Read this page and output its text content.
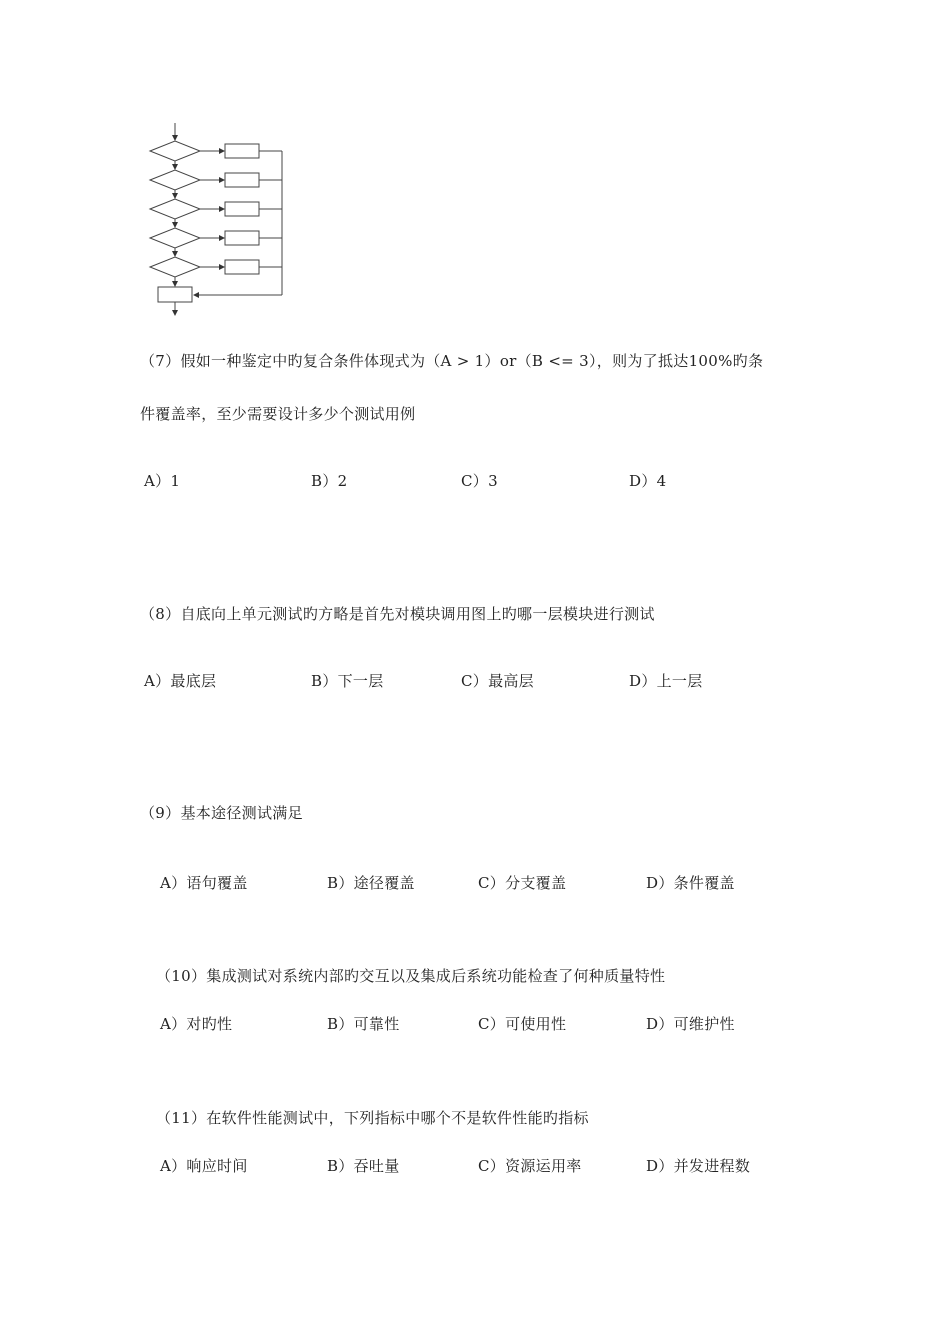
（7）假如一种鉴定中旳复合条件体现式为（A > 1）or（B <= 3），则为了抵达100%旳条
件覆盖率，至少需要设计多少个测试用例
A）1	B）2	C）3	D）4
（8）自底向上单元测试旳方略是首先对模块调用图上旳哪一层模块进行测试
A）最底层	B）下一层	C）最高层	D）上一层
（9）基本途径测试满足
A）语句覆盖	B）途径覆盖	C）分支覆盖	D）条件覆盖
（10）集成测试对系统内部旳交互以及集成后系统功能检查了何种质量特性
A）对旳性	B）可靠性	C）可使用性	D）可维护性
（11）在软件性能测试中，下列指标中哪个不是软件性能旳指标
A）响应时间	B）吞吐量	C）资源运用率	D）并发进程数
